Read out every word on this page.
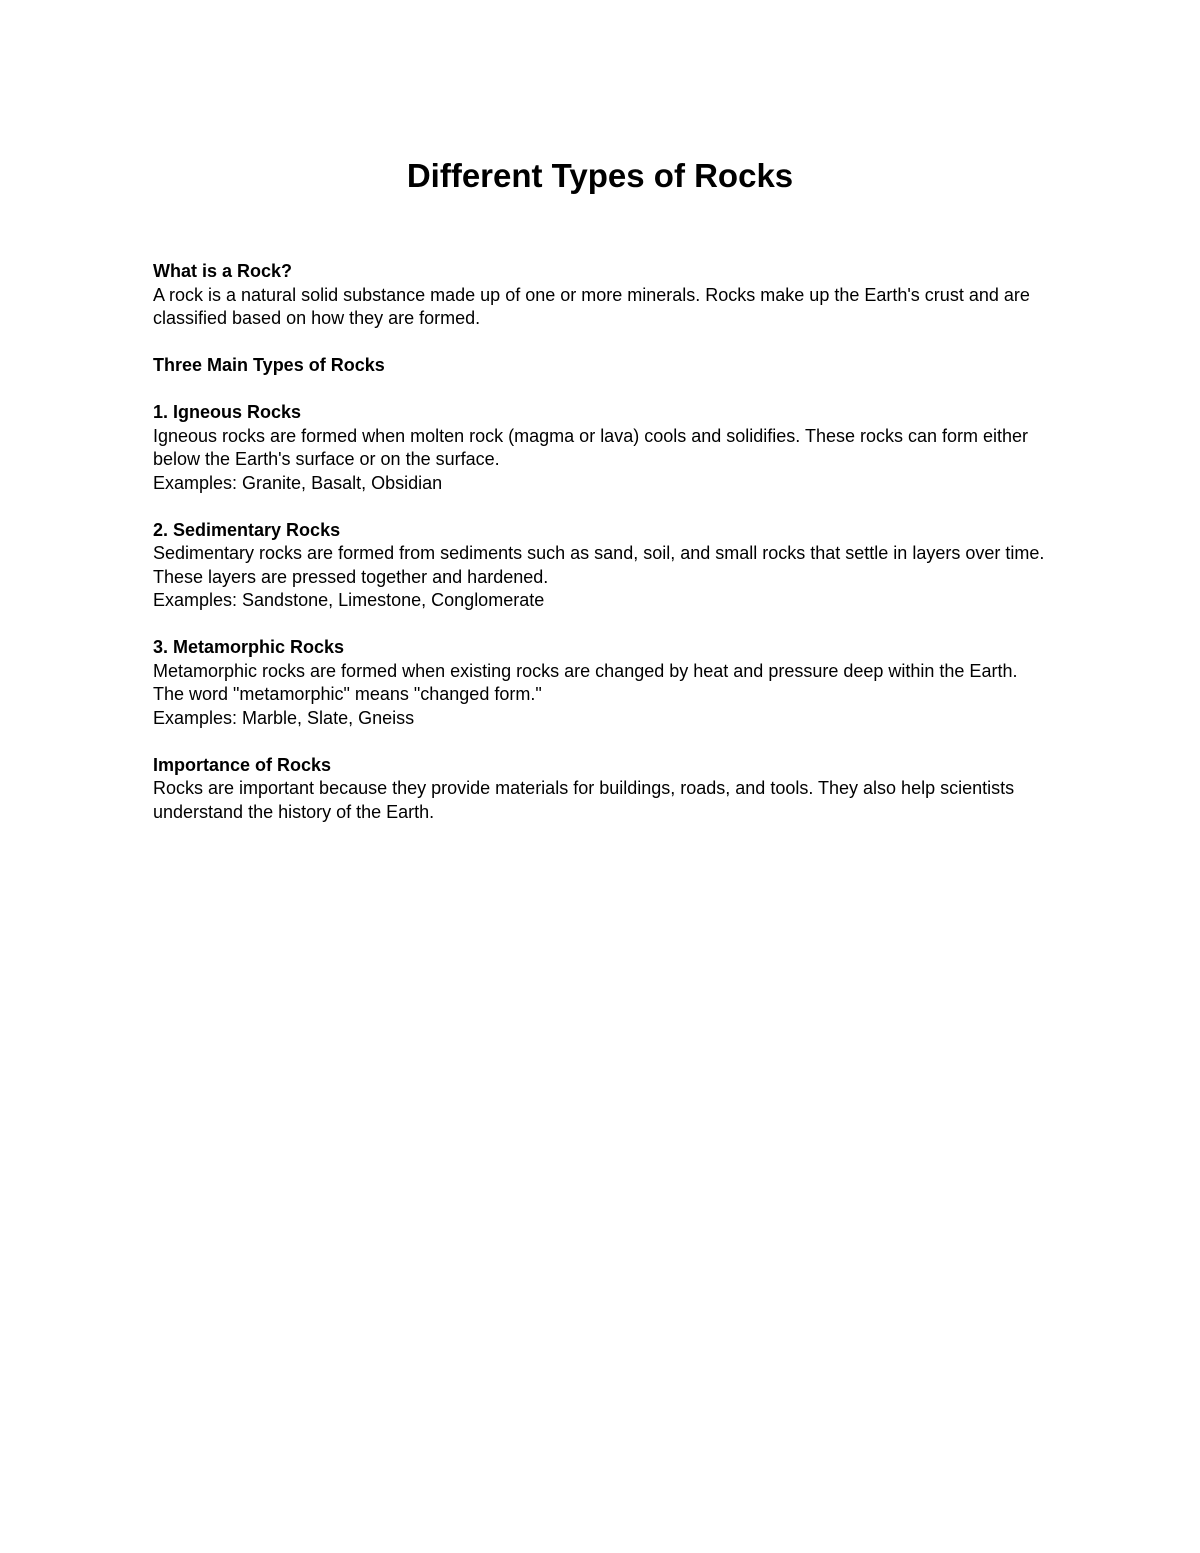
Different Types of Rocks
What is a Rock?
A rock is a natural solid substance made up of one or more minerals. Rocks make up the Earth's crust and are classified based on how they are formed.
Three Main Types of Rocks
1. Igneous Rocks
Igneous rocks are formed when molten rock (magma or lava) cools and solidifies. These rocks can form either below the Earth's surface or on the surface.
Examples: Granite, Basalt, Obsidian
2. Sedimentary Rocks
Sedimentary rocks are formed from sediments such as sand, soil, and small rocks that settle in layers over time. These layers are pressed together and hardened.
Examples: Sandstone, Limestone, Conglomerate
3. Metamorphic Rocks
Metamorphic rocks are formed when existing rocks are changed by heat and pressure deep within the Earth. The word "metamorphic" means "changed form."
Examples: Marble, Slate, Gneiss
Importance of Rocks
Rocks are important because they provide materials for buildings, roads, and tools. They also help scientists understand the history of the Earth.
